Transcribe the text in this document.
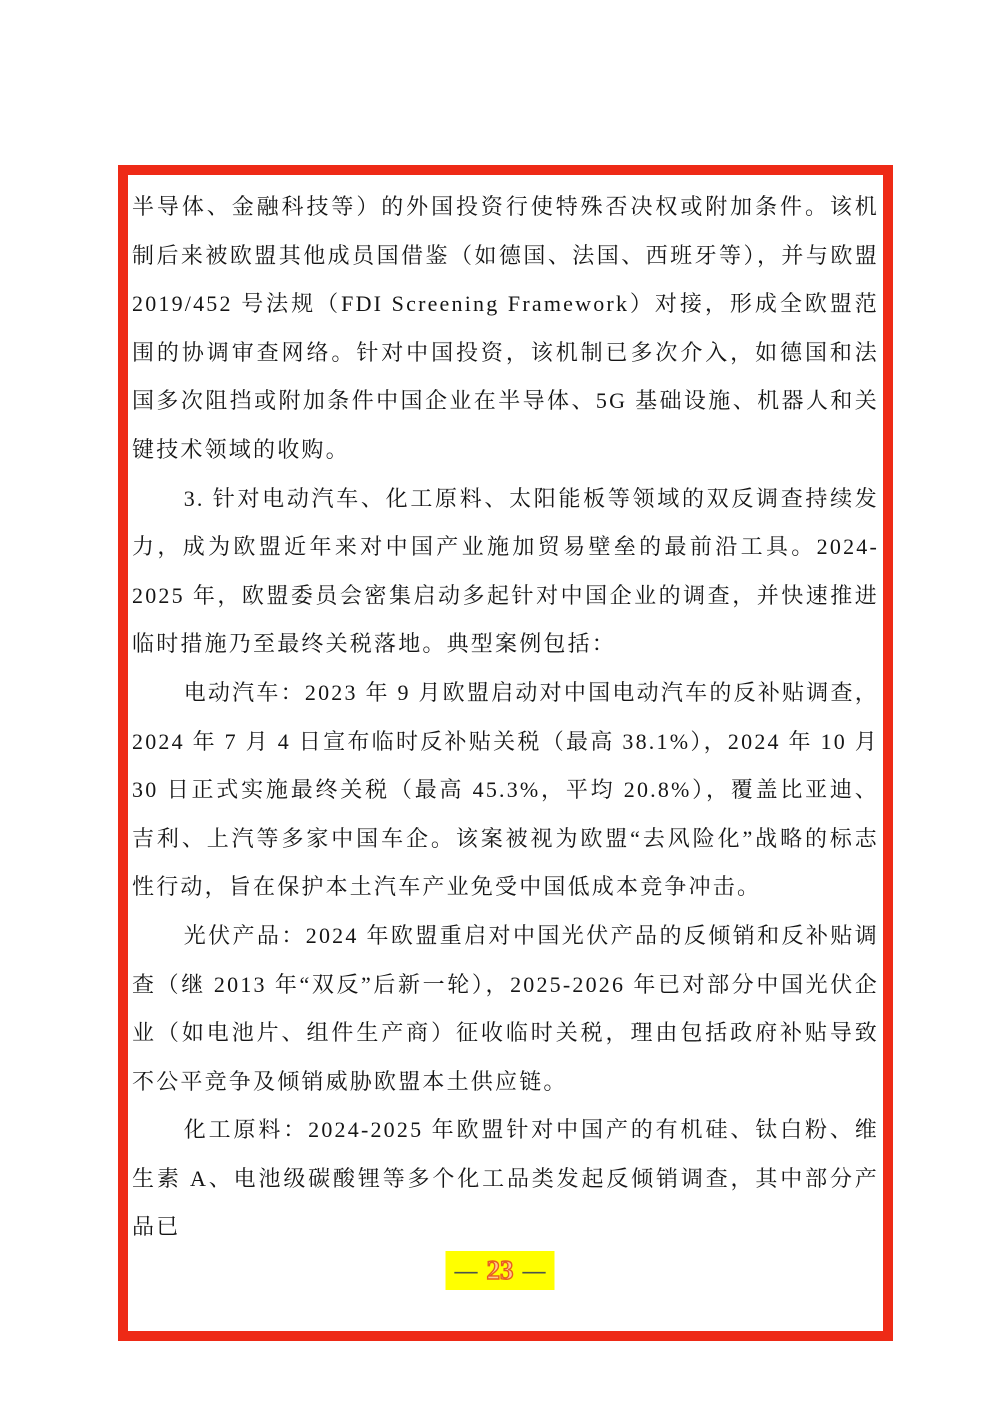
半导体、金融科技等）的外国投资行使特殊否决权或附加条件。该机制后来被欧盟其他成员国借鉴（如德国、法国、西班牙等），并与欧盟 2019/452 号法规（FDI Screening Framework）对接，形成全欧盟范围的协调审查网络。针对中国投资，该机制已多次介入，如德国和法国多次阻挡或附加条件中国企业在半导体、5G 基础设施、机器人和关键技术领域的收购。

3. 针对电动汽车、化工原料、太阳能板等领域的双反调查持续发力，成为欧盟近年来对中国产业施加贸易壁垒的最前沿工具。2024-2025 年，欧盟委员会密集启动多起针对中国企业的调查，并快速推进临时措施乃至最终关税落地。典型案例包括：

电动汽车：2023 年 9 月欧盟启动对中国电动汽车的反补贴调查，2024 年 7 月 4 日宣布临时反补贴关税（最高 38.1%），2024 年 10 月 30 日正式实施最终关税（最高 45.3%，平均 20.8%），覆盖比亚迪、吉利、上汽等多家中国车企。该案被视为欧盟“去风险化”战略的标志性行动，旨在保护本土汽车产业免受中国低成本竞争冲击。

光伏产品：2024 年欧盟重启对中国光伏产品的反倾销和反补贴调查（继 2013 年“双反”后新一轮），2025-2026 年已对部分中国光伏企业（如电池片、组件生产商）征收临时关税，理由包括政府补贴导致不公平竞争及倾销威胁欧盟本土供应链。

化工原料：2024-2025 年欧盟针对中国产的有机硅、钛白粉、维生素 A、电池级碳酸锂等多个化工品类发起反倾销调查，其中部分产品已

— 23 —
